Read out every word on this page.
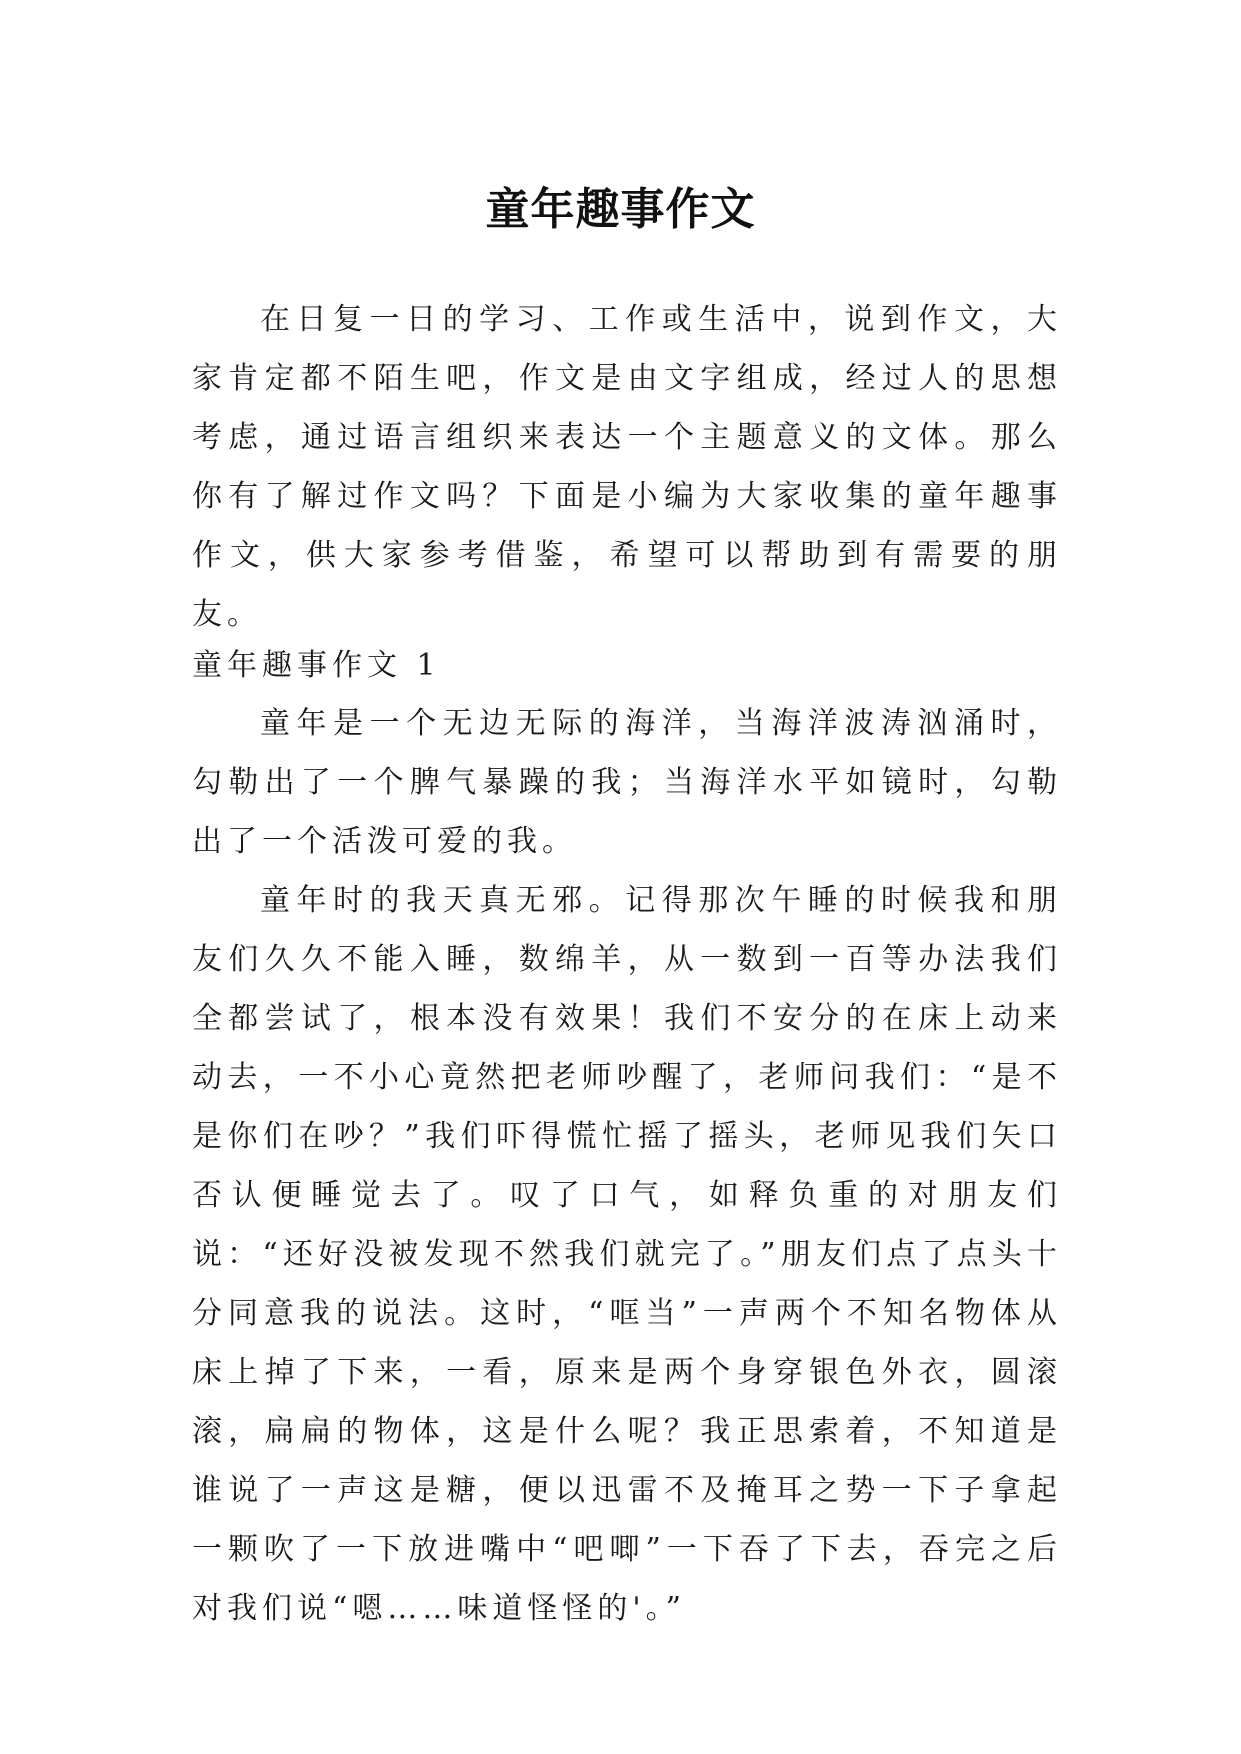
童年趣事作文

在日复一日的学习、工作或生活中，说到作文，大家肯定都不陌生吧，作文是由文字组成，经过人的思想考虑，通过语言组织来表达一个主题意义的文体。那么你有了解过作文吗？下面是小编为大家收集的童年趣事作文，供大家参考借鉴，希望可以帮助到有需要的朋友。

童年趣事作文 1

童年是一个无边无际的海洋，当海洋波涛汹涌时，勾勒出了一个脾气暴躁的我；当海洋水平如镜时，勾勒出了一个活泼可爱的我。

童年时的我天真无邪。记得那次午睡的时候我和朋友们久久不能入睡，数绵羊，从一数到一百等办法我们全都尝试了，根本没有效果！我们不安分的在床上动来动去，一不小心竟然把老师吵醒了，老师问我们：“是不是你们在吵？”我们吓得慌忙摇了摇头，老师见我们矢口否认便睡觉去了。叹了口气，如释负重的对朋友们说：“还好没被发现不然我们就完了。”朋友们点了点头十分同意我的说法。这时，“哐当”一声两个不知名物体从床上掉了下来，一看，原来是两个身穿银色外衣，圆滚滚，扁扁的物体，这是什么呢？我正思索着，不知道是谁说了一声这是糖，便以迅雷不及掩耳之势一下子拿起一颗吹了一下放进嘴中“吧唧”一下吞了下去，吞完之后对我们说“嗯……味道怪怪的'。”
